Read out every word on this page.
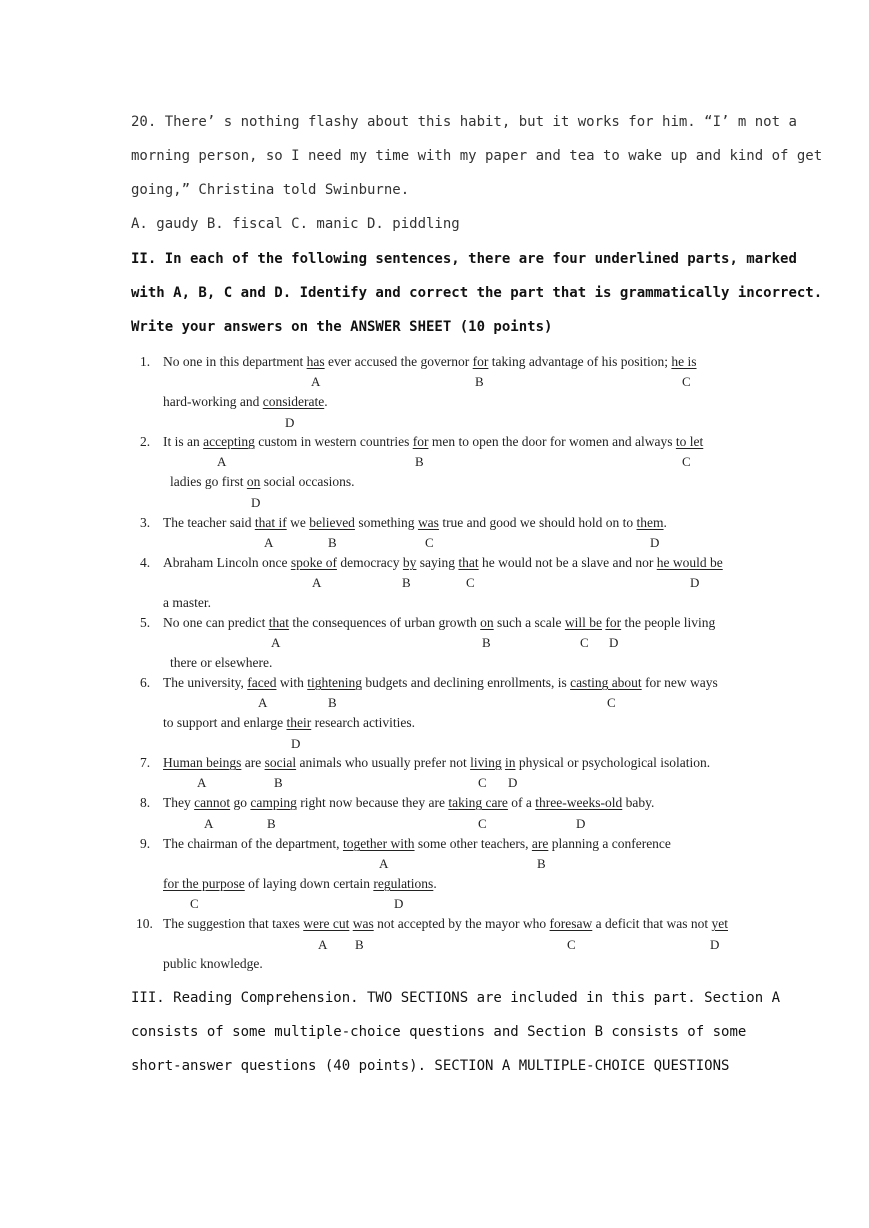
20. There’ s nothing flashy about this habit, but it works for him. “I’ m not a
morning person, so I need my time with my paper and tea to wake up and kind of get
going,” Christina told Swinburne.
A. gaudy B. fiscal C. manic D. piddling
II. In each of the following sentences, there are four underlined parts, marked
with A, B, C and D. Identify and correct the part that is grammatically incorrect.
Write your answers on the ANSWER SHEET (10 points)
1. No one in this department has ever accused the governor for taking advantage of his position; he is
hard-working and considerate.
A	B	C
D
2. It is an accepting custom in western countries for men to open the door for women and always to let
ladies go first on social occasions.
A	B	C
D
3. The teacher said that if we believed something was true and good we should hold on to them.
A	B	C	D
4. Abraham Lincoln once spoke of democracy by saying that he would not be a slave and nor he would be
a master.
A	B	C	D
5. No one can predict that the consequences of urban growth on such a scale will be for the people living
there or elsewhere.
A	B	C D
6. The university, faced with tightening budgets and declining enrollments, is casting about for new ways
to support and enlarge their research activities.
A	B	C
D
7. Human beings are social animals who usually prefer not living in physical or psychological isolation.
A	B	C D
8. They cannot go camping right now because they are taking care of a three-weeks-old baby.
A	B	C	D
9. The chairman of the department, together with some other teachers, are planning a conference
for the purpose of laying down certain regulations.
A	B
C	D
10. The suggestion that taxes were cut was not accepted by the mayor who foresaw a deficit that was not yet
public knowledge.
A B	C	D
III. Reading Comprehension. TWO SECTIONS are included in this part. Section A
consists of some multiple-choice questions and Section B consists of some
short-answer questions (40 points). SECTION A MULTIPLE-CHOICE QUESTIONS
